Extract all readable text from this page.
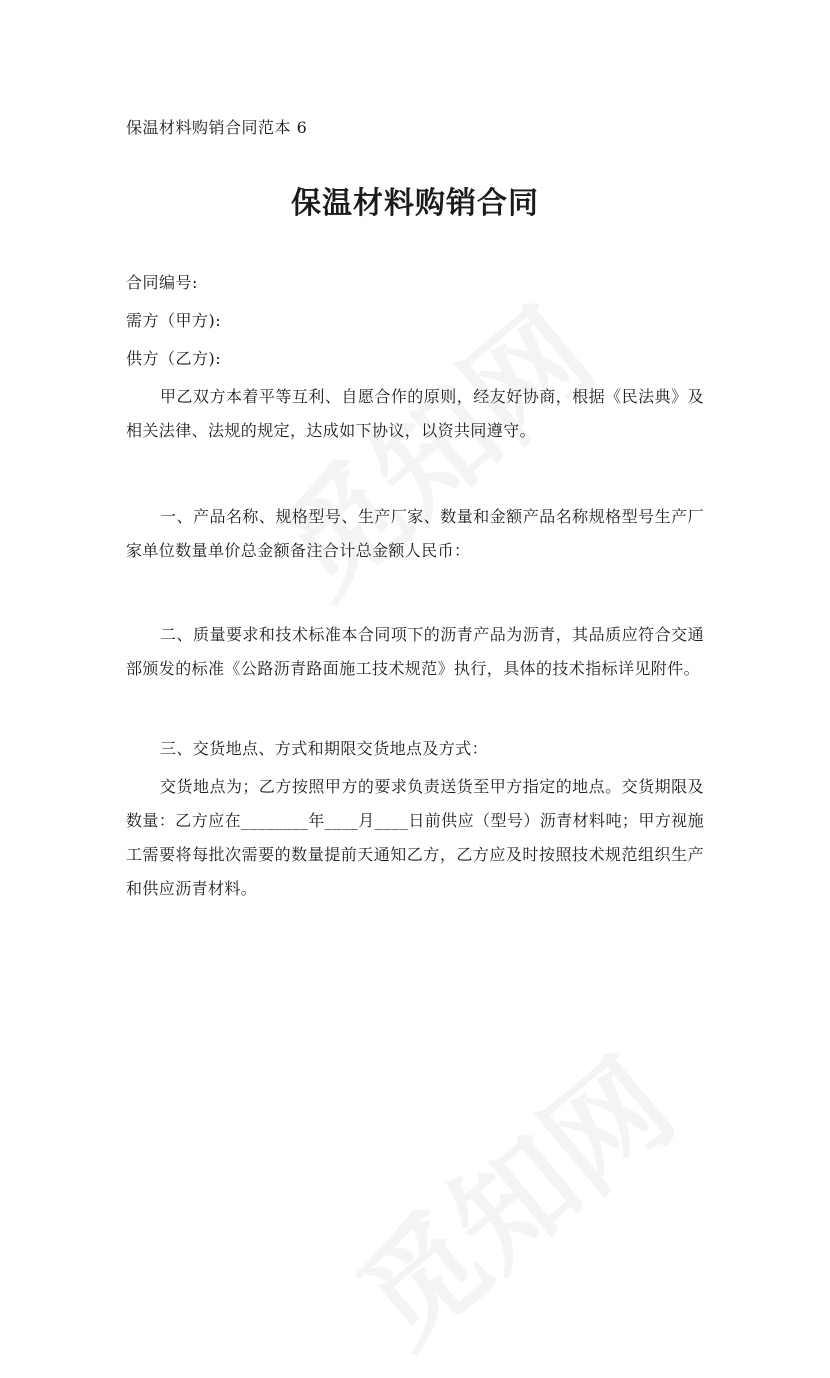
保温材料购销合同范本 6
保温材料购销合同
合同编号:
需方（甲方):
供方（乙方):
甲乙双方本着平等互利、自愿合作的原则，经友好协商，根据《民法典》及相关法律、法规的规定，达成如下协议，以资共同遵守。
一、产品名称、规格型号、生产厂家、数量和金额产品名称规格型号生产厂家单位数量单价总金额备注合计总金额人民币：
二、质量要求和技术标准本合同项下的沥青产品为沥青，其品质应符合交通部颁发的标准《公路沥青路面施工技术规范》执行，具体的技术指标详见附件。
三、交货地点、方式和期限交货地点及方式：
交货地点为；乙方按照甲方的要求负责送货至甲方指定的地点。交货期限及数量：乙方应在________年____月____日前供应（型号）沥青材料吨；甲方视施工需要将每批次需要的数量提前天通知乙方，乙方应及时按照技术规范组织生产和供应沥青材料。
